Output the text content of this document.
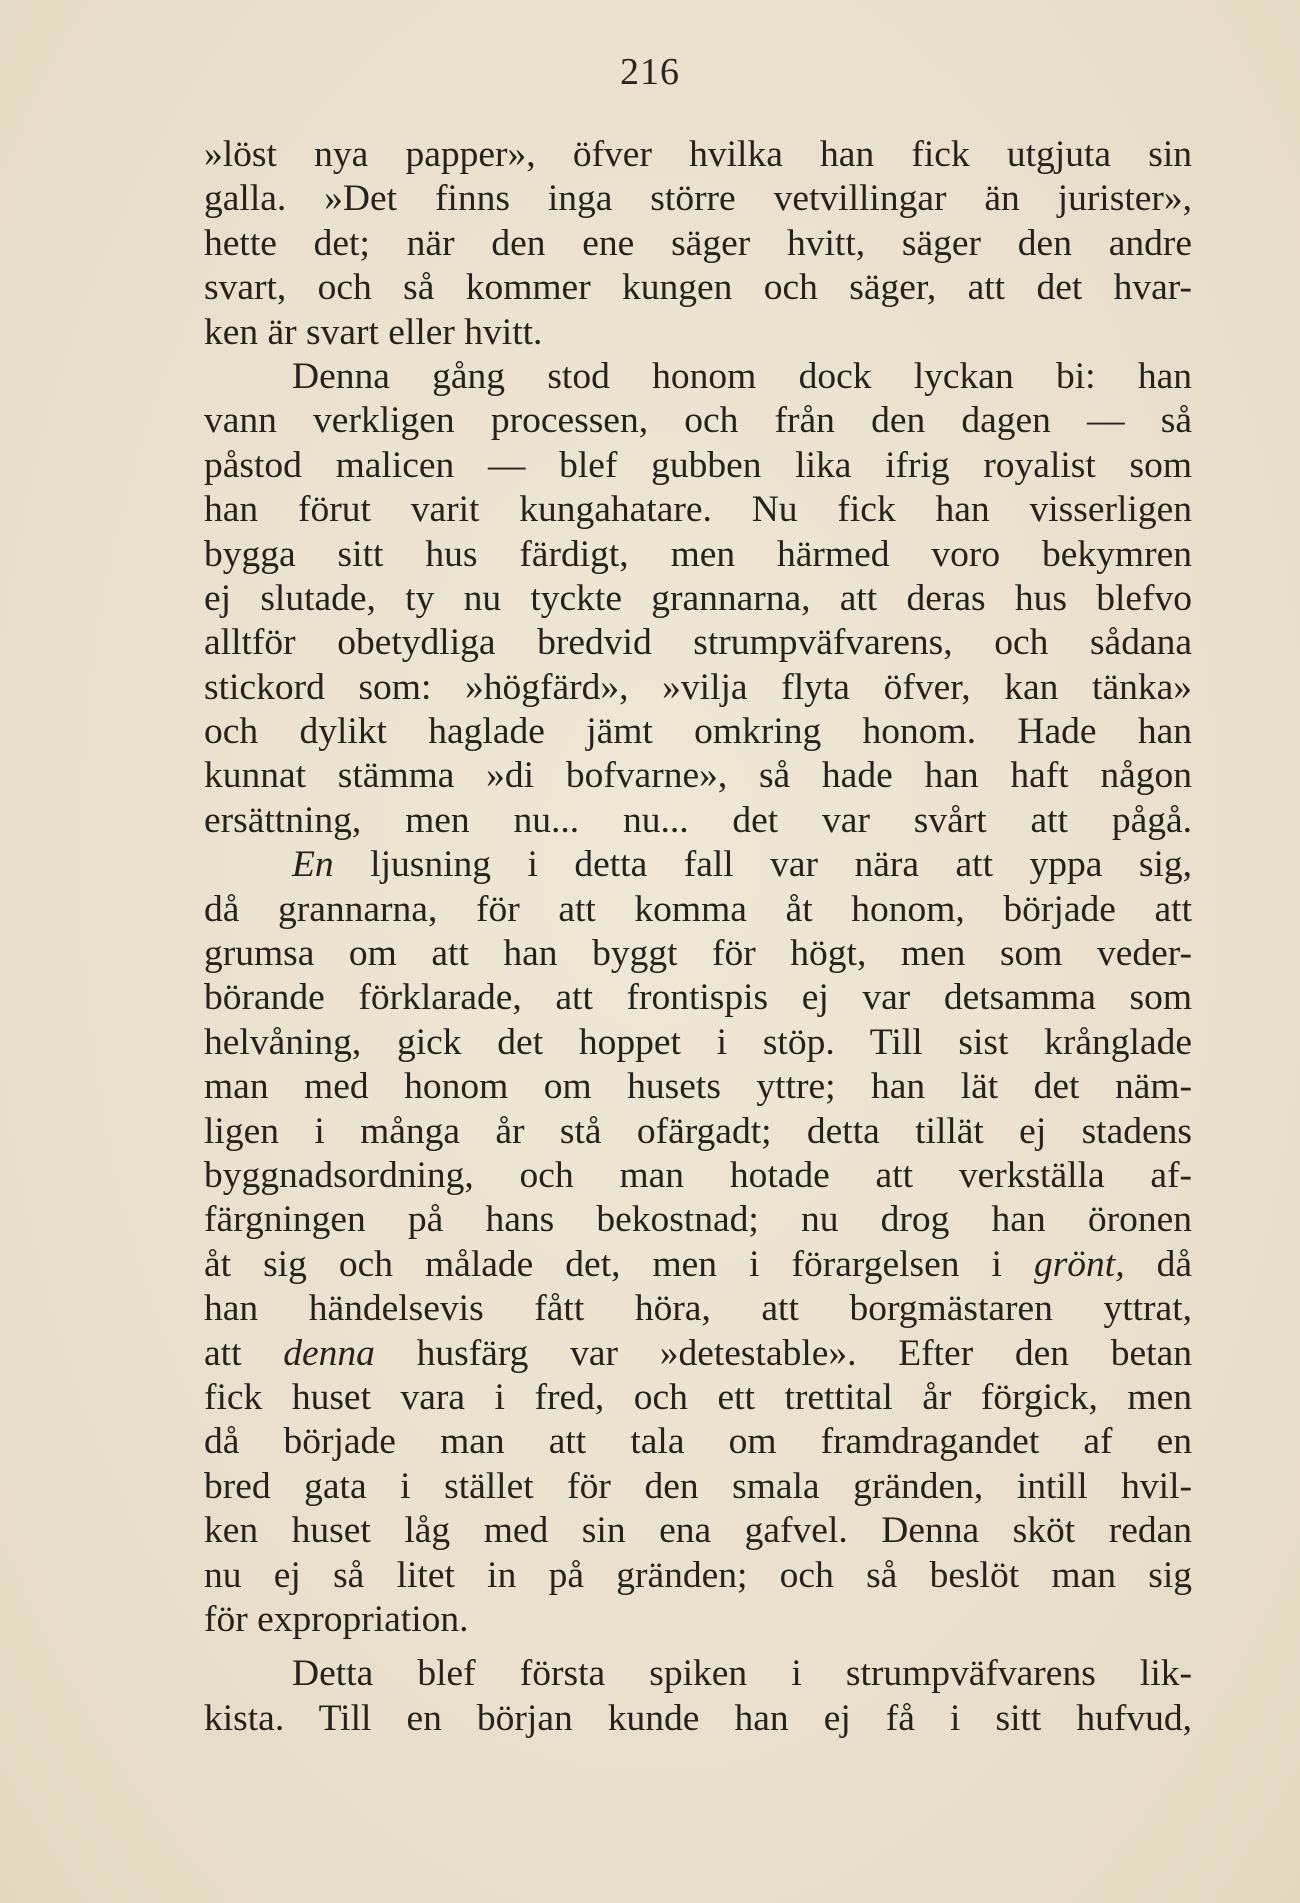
216
»löst nya papper», öfver hvilka han fick utgjuta sin
galla. »Det finns inga större vetvillingar än jurister»,
hette det; när den ene säger hvitt, säger den andre
svart, och så kommer kungen och säger, att det hvar-
ken är svart eller hvitt.
Denna gång stod honom dock lyckan bi: han
vann verkligen processen, och från den dagen — så
påstod malicen — blef gubben lika ifrig royalist som
han förut varit kungahatare. Nu fick han visserligen
bygga sitt hus färdigt, men härmed voro bekymren
ej slutade, ty nu tyckte grannarna, att deras hus blefvo
alltför obetydliga bredvid strumpväfvarens, och sådana
stickord som: »högfärd», »vilja flyta öfver, kan tänka»
och dylikt haglade jämt omkring honom. Hade han
kunnat stämma »di bofvarne», så hade han haft någon
ersättning, men nu... nu... det var svårt att pågå.
En ljusning i detta fall var nära att yppa sig,
då grannarna, för att komma åt honom, började att
grumsa om att han byggt för högt, men som veder-
börande förklarade, att frontispis ej var detsamma som
helvåning, gick det hoppet i stöp. Till sist krånglade
man med honom om husets yttre; han lät det näm-
ligen i många år stå ofärgadt; detta tillät ej stadens
byggnadsordning, och man hotade att verkställa af-
färgningen på hans bekostnad; nu drog han öronen
åt sig och målade det, men i förargelsen i grönt, då
han händelsevis fått höra, att borgmästaren yttrat,
att denna husfärg var »detestable». Efter den betan
fick huset vara i fred, och ett trettital år förgick, men
då började man att tala om framdragandet af en
bred gata i stället för den smala gränden, intill hvil-
ken huset låg med sin ena gafvel. Denna sköt redan
nu ej så litet in på gränden; och så beslöt man sig
för expropriation.
Detta blef första spiken i strumpväfvarens lik-
kista. Till en början kunde han ej få i sitt hufvud,
